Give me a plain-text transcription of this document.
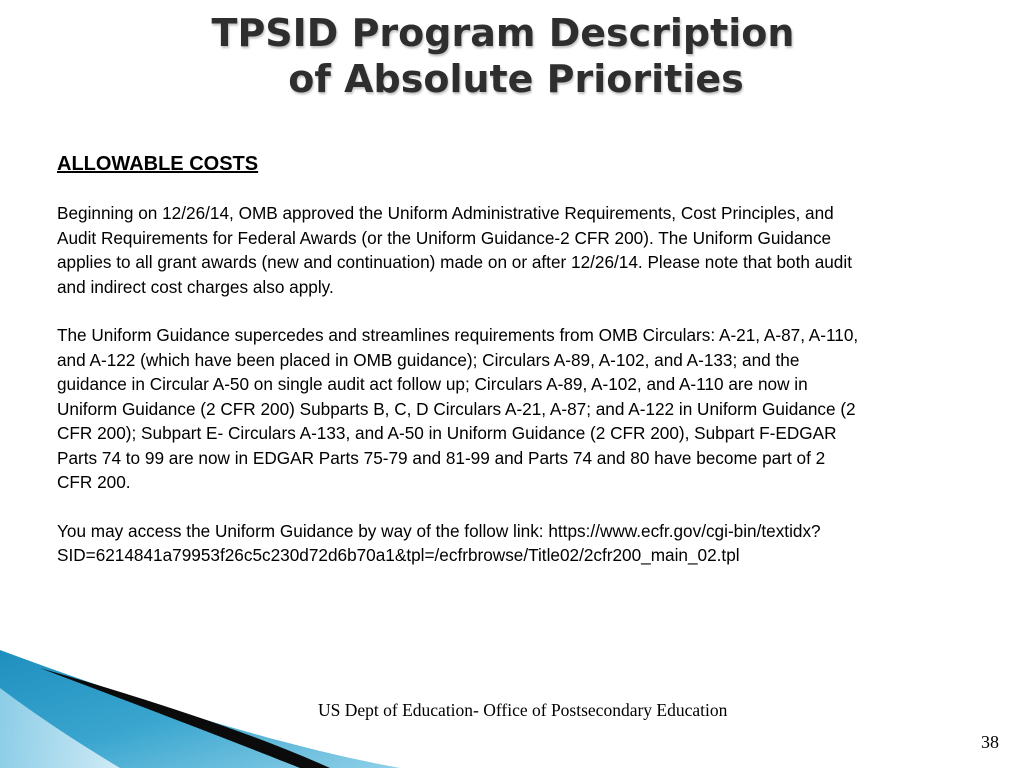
TPSID Program Description
of Absolute Priorities
ALLOWABLE COSTS

Beginning on 12/26/14, OMB approved the Uniform Administrative Requirements, Cost Principles, and Audit Requirements for Federal Awards (or the Uniform Guidance-2 CFR 200). The Uniform Guidance applies to all grant awards (new and continuation) made on or after 12/26/14. Please note that both audit and indirect cost charges also apply.

The Uniform Guidance supercedes and streamlines requirements from OMB Circulars: A-21, A-87, A-110, and A-122 (which have been placed in OMB guidance); Circulars A-89, A-102, and A-133; and the guidance in Circular A-50 on single audit act follow up; Circulars A-89, A-102, and A-110 are now in Uniform Guidance (2 CFR 200) Subparts B, C, D Circulars A-21, A-87; and A-122 in Uniform Guidance (2 CFR 200); Subpart E- Circulars A-133, and A-50 in Uniform Guidance (2 CFR 200), Subpart F-EDGAR Parts 74 to 99 are now in EDGAR Parts 75-79 and 81-99 and Parts 74 and 80 have become part of 2 CFR 200.

You may access the Uniform Guidance by way of the follow link: https://www.ecfr.gov/cgi-bin/textidx?SID=6214841a79953f26c5c230d72d6b70a1&tpl=/ecfrbrowse/Title02/2cfr200_main_02.tpl

US Dept of Education- Office of Postsecondary Education
38
